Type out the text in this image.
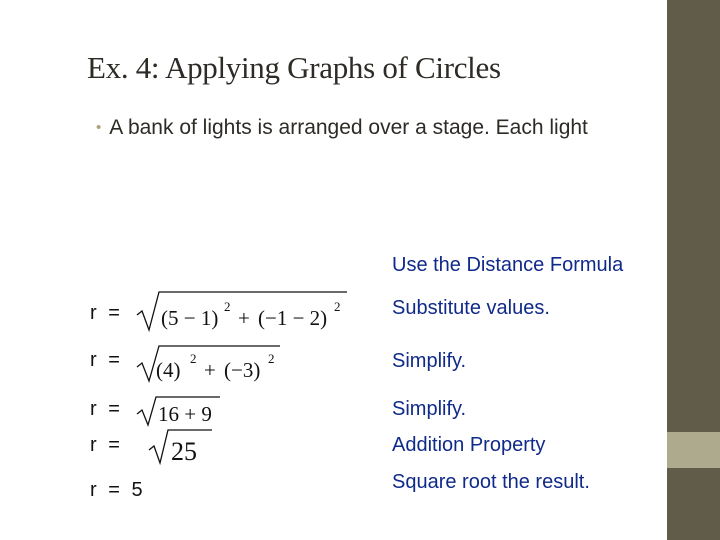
Ex. 4: Applying Graphs of Circles
• A bank of lights is arranged over a stage. Each light
Use the Distance Formula
Substitute values.
Simplify.
Simplify.
Addition Property
Square root the result.
r =
r =
r =
r =
r = 5
(5 − 1) 2 + (−1 − 2) 2
(4) 2 + (−3) 2
16 + 9
25
